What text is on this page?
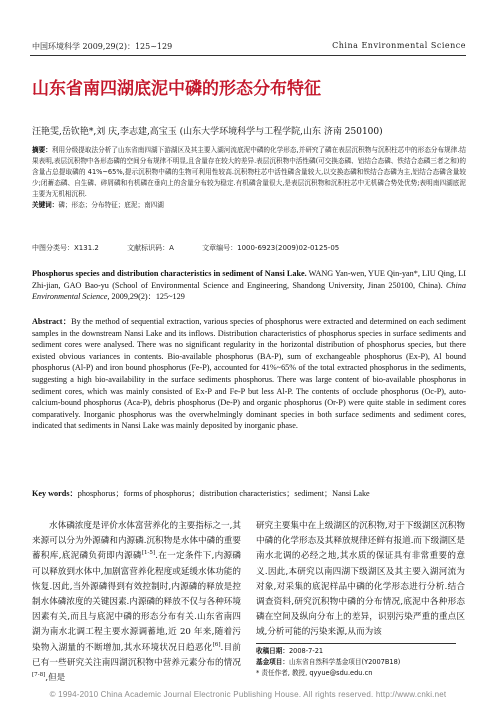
中国环境科学 2009,29(2)：125~129	China Environmental Science
山东省南四湖底泥中磷的形态分布特征
汪艳雯,岳钦艳*,刘 庆,李志建,高宝玉 (山东大学环境科学与工程学院,山东 济南 250100)
摘要：利用分级提取法分析了山东省南四湖下游湖区及其主要入湖河流底泥中磷的化学形态,并研究了磷在表层沉积物与沉积柱芯中的形态分布规律.结果表明,表层沉积物中各形态磷的空间分布规律不明显,且含量存在较大的差异.表层沉积物中活性磷(可交换态磷、铝结合态磷、铁结合态磷三者之和)的含量占总提取磷的 41%~65%,提示沉积物中磷的生物可利用性较高.沉积物柱芯中活性磷含量较大,以交换态磷和铁结合态磷为主,铝结合态磷含量较少;闭蓄态磷、自生磷、碎屑磷和有机磷在垂向上的含量分布较为稳定.有机磷含量很大,是表层沉积物和沉积柱芯中无机磷合势处优势;表明南四湖底泥主要为无机相沉积.
关键词：磷；形态；分布特征；底泥；南四湖
中图分类号：X131.2	文献标识码：A	文章编号：1000-6923(2009)02-0125-05
Phosphorus species and distribution characteristics in sediment of Nansi Lake. WANG Yan-wen, YUE Qin-yan*, LIU Qing, LI Zhi-jian, GAO Bao-yu (School of Environmental Science and Engineering, Shandong University, Jinan 250100, China). China Environmental Science, 2009,29(2)：125~129
Abstract：By the method of sequential extraction, various species of phosphorus were extracted and determined on each sediment samples in the downstream Nansi Lake and its inflows. Distribution characteristics of phosphorus species in surface sediments and sediment cores were analysed. There was no significant regularity in the horizontal distribution of phosphorus species, but there existed obvious variances in contents. Bio-available phosphorus (BA-P), sum of exchangeable phosphorus (Ex-P), Al bound phosphorus (Al-P) and iron bound phosphorus (Fe-P), accounted for 41%~65% of the total extracted phosphorus in the sediments, suggesting a high bio-availability in the surface sediments phosphorus. There was large content of bio-available phosphorus in sediment cores, which was mainly consisted of Ex-P and Fe-P but less Al-P. The contents of occlude phosphorus (Oc-P), auto-calcium-bound phosphorus (Aca-P), debris phosphorus (De-P) and organic phosphorus (Or-P) were quite stable in sediment cores comparatively. Inorganic phosphorus was the overwhelmingly dominant species in both surface sediments and sediment cores, indicated that sediments in Nansi Lake was mainly deposited by inorganic phase.
Key words：phosphorus；forms of phosphorus；distribution characteristics；sediment；Nansi Lake
水体磷浓度是评价水体富营养化的主要指标之一,其来源可以分为外源磷和内源磷.沉积物是水体中磷的重要蓄积库,底泥磷负荷即内源磷[1-5].在一定条件下,内源磷可以释放到水体中,加剧富营养化程度或延缓水体功能的恢复.因此,当外源磷得到有效控制时,内源磷的释放是控制水体磷浓度的关键因素.内源磷的释放不仅与各种环境因素有关,而且与底泥中磷的形态分布有关.山东省南四湖为南水北调工程主要水源调蓄地,近 20 年来,随着污染物入湖量的不断增加,其水环境状况日趋恶化[6].目前已有一些研究关注南四湖沉积物中营养元素分布的情况[7-8],但是
研究主要集中在上级湖区的沉积物,对于下级湖区沉积物中磷的化学形态及其释放规律还鲜有报道.而下级湖区是南水北调的必经之地,其水质的保证具有非常重要的意义.因此,本研究以南四湖下级湖区及其主要入湖河流为对象,对采集的底泥样品中磷的化学形态进行分析.结合调查资料,研究沉积物中磷的分布情况,底泥中各种形态磷在空间及纵向分布上的差异，识别污染严重的重点区域,分析可能的污染来源,从而为该
收稿日期：2008-7-21
基金项目：山东省自然科学基金项目(Y2007B18)
* 责任作者, 教授, qyyue@sdu.edu.cn
© 1994-2010 China Academic Journal Electronic Publishing House. All rights reserved. http://www.cnki.net
